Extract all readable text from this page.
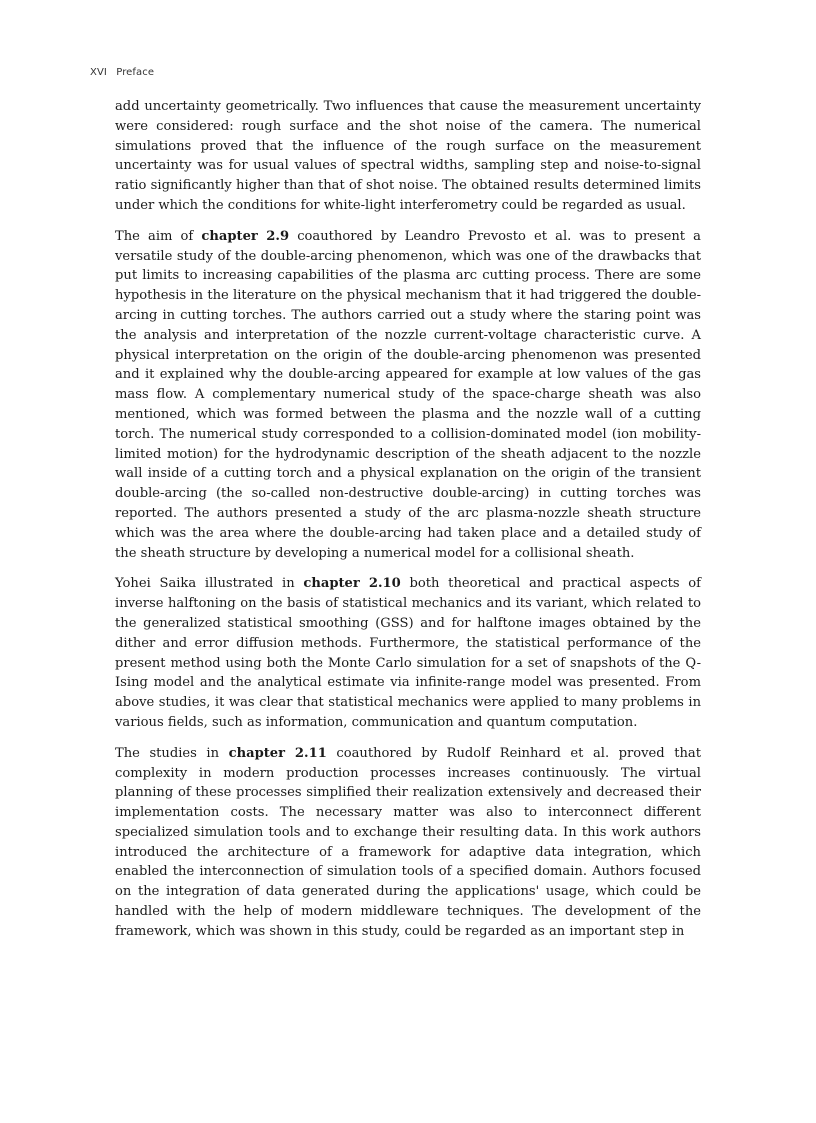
XVI Preface

add uncertainty geometrically. Two influences that cause the measurement uncertainty were considered: rough surface and the shot noise of the camera. The numerical simulations proved that the influence of the rough surface on the measurement uncertainty was for usual values of spectral widths, sampling step and noise-to-signal ratio significantly higher than that of shot noise. The obtained results determined limits under which the conditions for white-light interferometry could be regarded as usual.

The aim of chapter 2.9 coauthored by Leandro Prevosto et al. was to present a versatile study of the double-arcing phenomenon, which was one of the drawbacks that put limits to increasing capabilities of the plasma arc cutting process. There are some hypothesis in the literature on the physical mechanism that it had triggered the double-arcing in cutting torches. The authors carried out a study where the staring point was the analysis and interpretation of the nozzle current-voltage characteristic curve. A physical interpretation on the origin of the double-arcing phenomenon was presented and it explained why the double-arcing appeared for example at low values of the gas mass flow. A complementary numerical study of the space-charge sheath was also mentioned, which was formed between the plasma and the nozzle wall of a cutting torch. The numerical study corresponded to a collision-dominated model (ion mobility-limited motion) for the hydrodynamic description of the sheath adjacent to the nozzle wall inside of a cutting torch and a physical explanation on the origin of the transient double-arcing (the so-called non-destructive double-arcing) in cutting torches was reported. The authors presented a study of the arc plasma-nozzle sheath structure which was the area where the double-arcing had taken place and a detailed study of the sheath structure by developing a numerical model for a collisional sheath.

Yohei Saika illustrated in chapter 2.10 both theoretical and practical aspects of inverse halftoning on the basis of statistical mechanics and its variant, which related to the generalized statistical smoothing (GSS) and for halftone images obtained by the dither and error diffusion methods. Furthermore, the statistical performance of the present method using both the Monte Carlo simulation for a set of snapshots of the Q-Ising model and the analytical estimate via infinite-range model was presented. From above studies, it was clear that statistical mechanics were applied to many problems in various fields, such as information, communication and quantum computation.

The studies in chapter 2.11 coauthored by Rudolf Reinhard et al. proved that complexity in modern production processes increases continuously. The virtual planning of these processes simplified their realization extensively and decreased their implementation costs. The necessary matter was also to interconnect different specialized simulation tools and to exchange their resulting data. In this work authors introduced the architecture of a framework for adaptive data integration, which enabled the interconnection of simulation tools of a specified domain. Authors focused on the integration of data generated during the applications' usage, which could be handled with the help of modern middleware techniques. The development of the framework, which was shown in this study, could be regarded as an important step in
